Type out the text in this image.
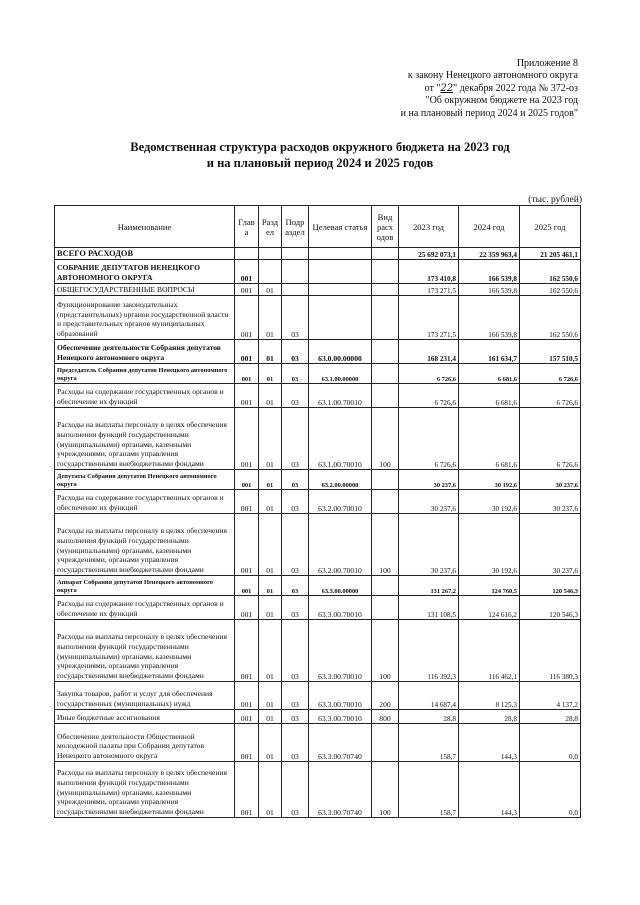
Приложение 8
к закону Ненецкого автономного округа
от "22" декабря 2022 года № 372-оз
"Об окружном бюджете на 2023 год
и на плановый период 2024 и 2025 годов"
Ведомственная структура расходов окружного бюджета на 2023 год
и на плановый период 2024 и 2025 годов
(тыс. рублей)
Наименование	Глав а	Разд ел	Подр аздел	Целевая статья	Вид расх одов	2023 год	2024 год	2025 год
ВСЕГО РАСХОДОВ						25 692 073,1	22 359 963,4	21 205 461,1
СОБРАНИЕ ДЕПУТАТОВ НЕНЕЦКОГО АВТОНОМНОГО ОКРУГА	001					173 410,8	166 539,8	162 550,6
ОБЩЕГОСУДАРСТВЕННЫЕ ВОПРОСЫ	001	01				173 271,5	166 539,8	162 550,6
Функционирование законодательных (представительных) органов государственной власти и представительных органов муниципальных образований	001	01	03			173 271,5	166 539,8	162 550,6
Обеспечение деятельности Собрания депутатов Ненецкого автономного округа	001	01	03	63.0.00.00000		168 231,4	161 634,7	157 510,5
Председатель Собрания депутатов Ненецкого автономного округа	001	01	03	63.1.00.00000		6 726,6	6 681,6	6 726,6
Расходы на содержание государственных органов и обеспечение их функций	001	01	03	63.1.00.70010		6 726,6	6 681,6	6 726,6
Расходы на выплаты персоналу в целях обеспечения выполнения функций государственными (муниципальными) органами, казенными учреждениями, органами управления государственными внебюджетными фондами	001	01	03	63.1.00.70010	100	6 726,6	6 681,6	6 726,6
Депутаты Собрания депутатов Ненецкого автономного округа	001	01	03	63.2.00.00000		30 237,6	30 192,6	30 237,6
Расходы на содержание государственных органов и обеспечение их функций	001	01	03	63.2.00.70010		30 237,6	30 192,6	30 237,6
Расходы на выплаты персоналу в целях обеспечения выполнения функций государственными (муниципальными) органами, казенными учреждениями, органами управления государственными внебюджетными фондами	001	01	03	63.2.00.70010	100	30 237,6	30 192,6	30 237,6
Аппарат Собрания депутатов Ненецкого автономного округа	001	01	03	63.3.00.00000		131 267,2	124 760,5	120 546,3
Расходы на содержание государственных органов и обеспечение их функций	001	01	03	63.3.00.70010		131 108,5	124 616,2	120 546,3
Расходы на выплаты персоналу в целях обеспечения выполнения функций государственными (муниципальными) органами, казенными учреждениями, органами управления государственными внебюджетными фондами	001	01	03	63.3.00.70010	100	116 392,3	116 462,1	116 380,3
Закупка товаров, работ и услуг для обеспечения государственных (муниципальных) нужд	001	01	03	63.3.00.70010	200	14 687,4	8 125,3	4 137,2
Иные бюджетные ассигнования	001	01	03	63.3.00.70010	800	28,8	28,8	28,8
Обеспечение деятельности Общественной молодежной палаты при Собрании депутатов Ненецкого автономного округа	001	01	03	63.3.00.70740		158,7	144,3	0,0
Расходы на выплаты персоналу в целях обеспечения выполнения функций государственными (муниципальными) органами, казенными учреждениями, органами управления государственными внебюджетными фондами	001	01	03	63.3.00.70740	100	158,7	144,3	0,0
